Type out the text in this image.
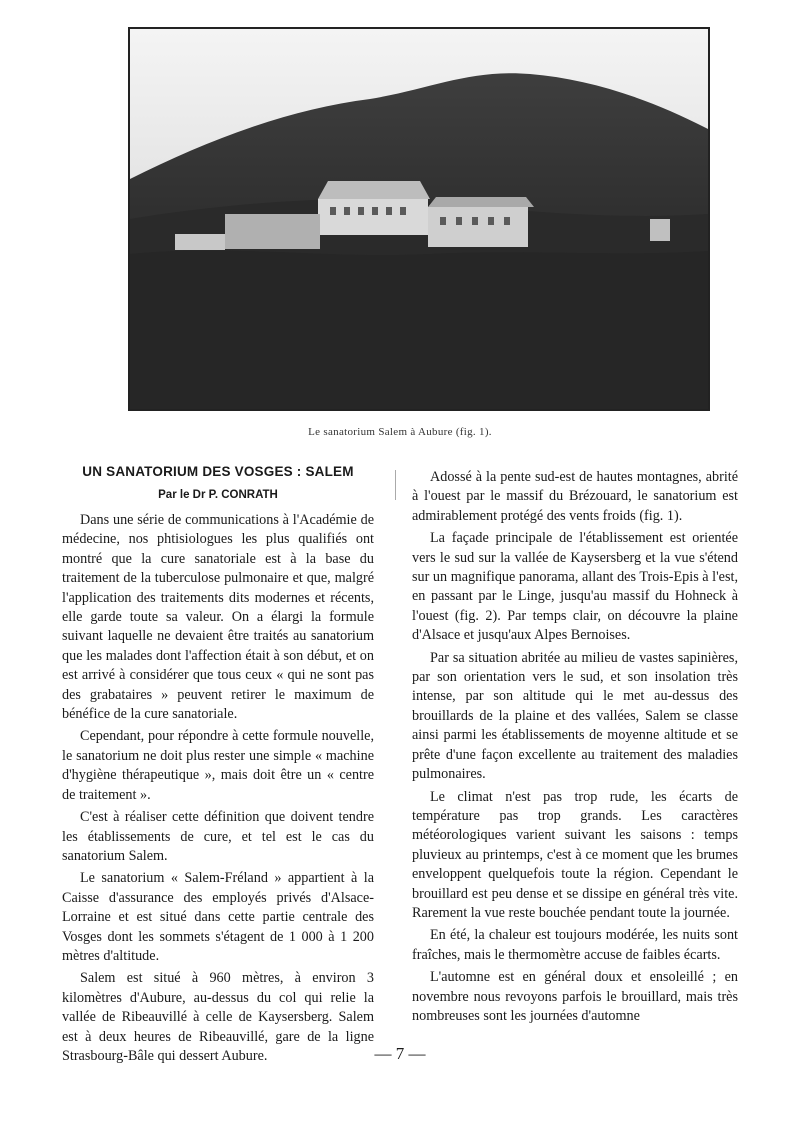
Le sanatorium Salem à Aubure (fig. 1).
UN SANATORIUM DES VOSGES : SALEM
Par le Dr P. CONRATH

Dans une série de communications à l'Académie de médecine, nos phtisiologues les plus qualifiés ont montré que la cure sanatoriale est à la base du traitement de la tuberculose pulmonaire et que, malgré l'application des traitements dits modernes et récents, elle garde toute sa valeur. On a élargi la formule suivant laquelle ne devaient être traités au sanatorium que les malades dont l'affection était à son début, et on est arrivé à considérer que tous ceux « qui ne sont pas des grabataires » peuvent retirer le maximum de bénéfice de la cure sanatoriale.

Cependant, pour répondre à cette formule nouvelle, le sanatorium ne doit plus rester une simple « machine d'hygiène thérapeutique », mais doit être un « centre de traitement ».

C'est à réaliser cette définition que doivent tendre les établissements de cure, et tel est le cas du sanatorium Salem.

Le sanatorium « Salem-Fréland » appartient à la Caisse d'assurance des employés privés d'Alsace-Lorraine et est situé dans cette partie centrale des Vosges dont les sommets s'étagent de 1 000 à 1 200 mètres d'altitude.

Salem est situé à 960 mètres, à environ 3 kilomètres d'Aubure, au-dessus du col qui relie la vallée de Ribeauvillé à celle de Kaysersberg. Salem est à deux heures de Ribeauvillé, gare de la ligne Strasbourg-Bâle qui dessert Aubure.

Adossé à la pente sud-est de hautes montagnes, abrité à l'ouest par le massif du Brézouard, le sanatorium est admirablement protégé des vents froids (fig. 1).

La façade principale de l'établissement est orientée vers le sud sur la vallée de Kaysersberg et la vue s'étend sur un magnifique panorama, allant des Trois-Epis à l'est, en passant par le Linge, jusqu'au massif du Hohneck à l'ouest (fig. 2). Par temps clair, on découvre la plaine d'Alsace et jusqu'aux Alpes Bernoises.

Par sa situation abritée au milieu de vastes sapinières, par son orientation vers le sud, et son insolation très intense, par son altitude qui le met au-dessus des brouillards de la plaine et des vallées, Salem se classe ainsi parmi les établissements de moyenne altitude et se prête d'une façon excellente au traitement des maladies pulmonaires.

Le climat n'est pas trop rude, les écarts de température pas trop grands. Les caractères météorologiques varient suivant les saisons : temps pluvieux au printemps, c'est à ce moment que les brumes enveloppent quelquefois toute la région. Cependant le brouillard est peu dense et se dissipe en général très vite. Rarement la vue reste bouchée pendant toute la journée.

En été, la chaleur est toujours modérée, les nuits sont fraîches, mais le thermomètre accuse de faibles écarts.

L'automne est en général doux et ensoleillé ; en novembre nous revoyons parfois le brouillard, mais très nombreuses sont les journées d'automne

— 7 —
